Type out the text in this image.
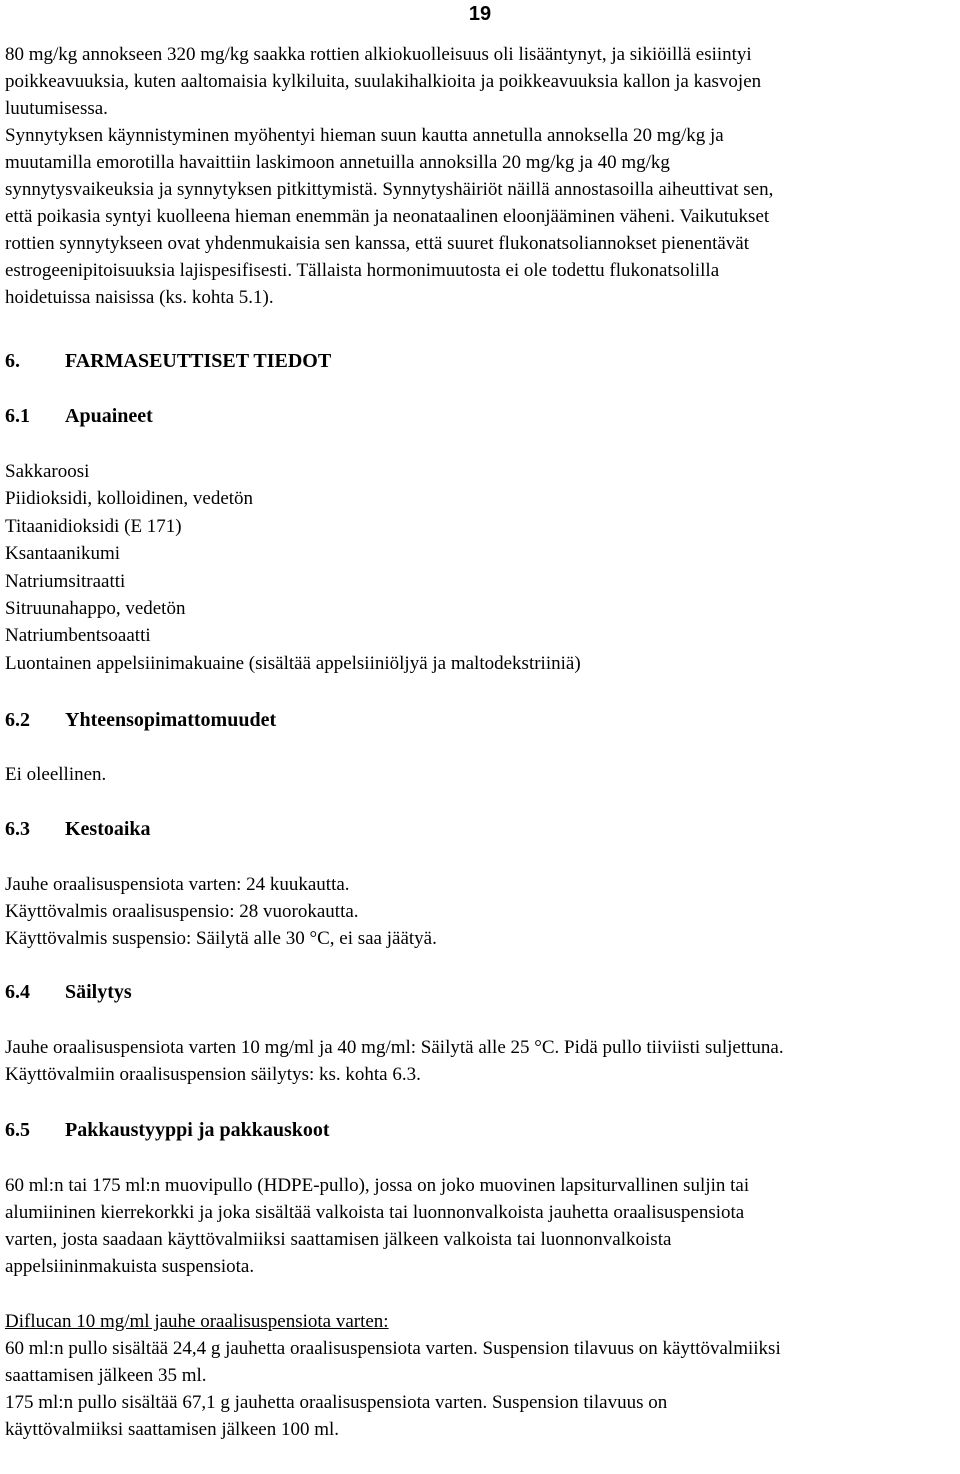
19
80 mg/kg annokseen 320 mg/kg saakka rottien alkiokuolleisuus oli lisääntynyt, ja sikiöillä esiintyi
poikkeavuuksia, kuten aaltomaisia kylkiluita, suulakihalkioita ja poikkeavuuksia kallon ja kasvojen
luutumisessa.
Synnytyksen käynnistyminen myöhentyi hieman suun kautta annetulla annoksella 20 mg/kg ja
muutamilla emorotilla havaittiin laskimoon annetuilla annoksilla 20 mg/kg ja 40 mg/kg
synnytysvaikeuksia ja synnytyksen pitkittymistä. Synnytyshäiriöt näillä annostasoilla aiheuttivat sen,
että poikasia syntyi kuolleena hieman enemmän ja neonataalinen eloonjääminen väheni. Vaikutukset
rottien synnytykseen ovat yhdenmukaisia sen kanssa, että suuret flukonatsoliannokset pienentävät
estrogeenipitoisuuksia lajispesifisesti. Tällaista hormonimuutosta ei ole todettu flukonatsolilla
hoidetuissa naisissa (ks. kohta 5.1).
6. FARMASEUTTISET TIEDOT
6.1 Apuaineet
Sakkaroosi
Piidioksidi, kolloidinen, vedetön
Titaanidioksidi (E 171)
Ksantaanikumi
Natriumsitraatti
Sitruunahappo, vedetön
Natriumbentsoaatti
Luontainen appelsiinimakuaine (sisältää appelsiiniöljyä ja maltodekstriiniä)
6.2 Yhteensopimattomuudet

Ei oleellinen.

6.3 Kestoaika
Jauhe oraalisuspensiota varten: 24 kuukautta.
Käyttövalmis oraalisuspensio: 28 vuorokautta.
Käyttövalmis suspensio: Säilytä alle 30 °C, ei saa jäätyä.
6.4 Säilytys
Jauhe oraalisuspensiota varten 10 mg/ml ja 40 mg/ml: Säilytä alle 25 °C. Pidä pullo tiiviisti suljettuna.
Käyttövalmiin oraalisuspension säilytys: ks. kohta 6.3.
6.5 Pakkaustyyppi ja pakkauskoot
60 ml:n tai 175 ml:n muovipullo (HDPE-pullo), jossa on joko muovinen lapsiturvallinen suljin tai
alumiininen kierrekorkki ja joka sisältää valkoista tai luonnonvalkoista jauhetta oraalisuspensiota
varten, josta saadaan käyttövalmiiksi saattamisen jälkeen valkoista tai luonnonvalkoista
appelsiininmakuista suspensiota.

Diflucan 10 mg/ml jauhe oraalisuspensiota varten:

60 ml:n pullo sisältää 24,4 g jauhetta oraalisuspensiota varten. Suspension tilavuus on käyttövalmiiksi
saattamisen jälkeen 35 ml.
175 ml:n pullo sisältää 67,1 g jauhetta oraalisuspensiota varten. Suspension tilavuus on
käyttövalmiiksi saattamisen jälkeen 100 ml.
